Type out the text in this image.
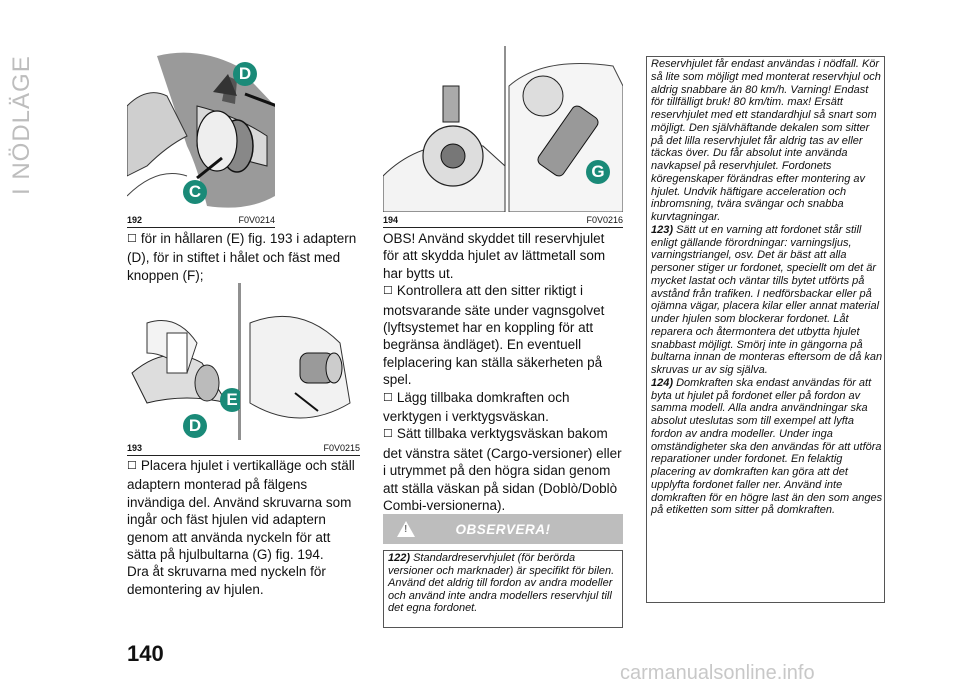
I NÖDLÄGE	D
C
192	F0V0214

☐ för in hållaren (E) fig. 193 i adaptern (D), för in stiftet i hålet och fäst med knoppen (F);

E
D
193	F0V0215

☐ Placera hjulet i vertikalläge och ställ adaptern monterad på fälgens invändiga del. Använd skruvarna som ingår och fäst hjulen vid adaptern genom att använda nyckeln för att sätta på hjulbultarna (G) fig. 194.

Dra åt skruvarna med nyckeln för demontering av hjulen.

G
194	F0V0216

OBS! Använd skyddet till reservhjulet för att skydda hjulet av lättmetall som har bytts ut.

☐ Kontrollera att den sitter riktigt i motsvarande säte under vagnsgolvet (lyftsystemet har en koppling för att begränsa ändläget). En eventuell felplacering kan ställa säkerheten på spel.

☐ Lägg tillbaka domkraften och verktygen i verktygsväskan.

☐ Sätt tillbaka verktygsväskan bakom det vänstra sätet (Cargo-versioner) eller i utrymmet på den högra sidan genom att ställa väskan på sidan (Doblò/Doblò Combi-versionerna).

!
OBSERVERA!
122) Standardreservhjulet (för berörda versioner och marknader) är specifikt för bilen. Använd det aldrig till fordon av andra modeller och använd inte andra modellers reservhjul till det egna fordonet.

Reservhjulet får endast användas i nödfall. Kör så lite som möjligt med monterat reservhjul och aldrig snabbare än 80 km/h. Varning! Endast för tillfälligt bruk! 80 km/tim. max! Ersätt reservhjulet med ett standardhjul så snart som möjligt. Den självhäftande dekalen som sitter på det lilla reservhjulet får aldrig tas av eller täckas över. Du får absolut inte använda navkapsel på reservhjulet. Fordonets köregenskaper förändras efter montering av hjulet. Undvik häftigare acceleration och inbromsning, tvära svängar och snabba kurvtagningar.

123) Sätt ut en varning att fordonet står still enligt gällande förordningar: varningsljus, varningstriangel, osv. Det är bäst att alla personer stiger ur fordonet, speciellt om det är mycket lastat och väntar tills bytet utförts på avstånd från trafiken. I nedförsbackar eller på ojämna vägar, placera kilar eller annat material under hjulen som blockerar fordonet. Låt reparera och återmontera det utbytta hjulet snabbast möjligt. Smörj inte in gängorna på bultarna innan de monteras eftersom de då kan skruvas ur av sig själva.

124) Domkraften ska endast användas för att byta ut hjulet på fordonet eller på fordon av samma modell. Alla andra användningar ska absolut uteslutas som till exempel att lyfta fordon av andra modeller. Under inga omständigheter ska den användas för att utföra reparationer under fordonet. En felaktig placering av domkraften kan göra att det upplyfta fordonet faller ner. Använd inte domkraften för en högre last än den som anges på etiketten som sitter på domkraften.

140
carmanualsonline.info
